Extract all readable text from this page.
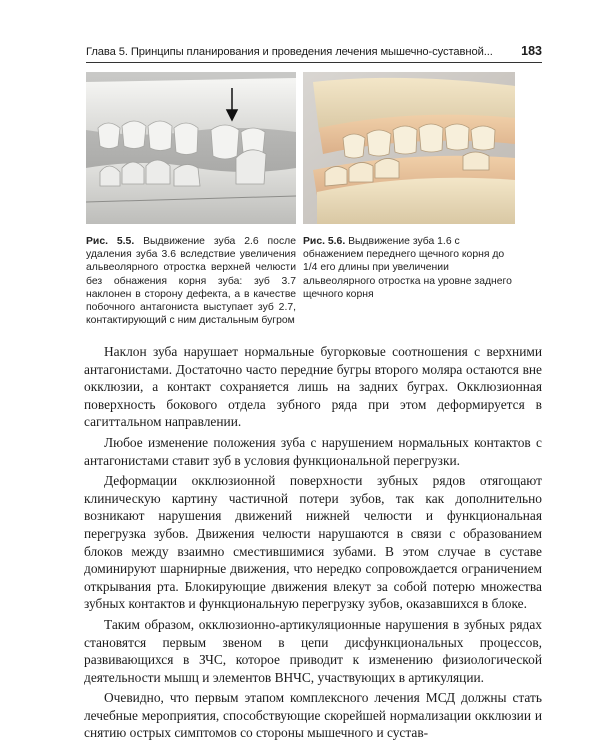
Глава 5. Принципы планирования и проведения лечения мышечно-суставной... 183
Рис. 5.5. Выдвижение зуба 2.6 после удаления зуба 3.6 вследствие увеличения альвеолярного отростка верхней челюсти без обнажения корня зуба: зуб 3.7 наклонен в сторону дефекта, а в качестве побочного антагониста выступает зуб 2.7, контактирующий с ним дистальным бугром
Рис. 5.6. Выдвижение зуба 1.6 с обнажением переднего щечного корня до 1/4 его длины при увеличении альвеолярного отростка на уровне заднего щечного корня

Наклон зуба нарушает нормальные бугорковые соотношения с верхними антагонистами. Достаточно часто передние бугры второго моляра остаются вне окклюзии, а контакт сохраняется лишь на задних буграх. Окклюзионная поверхность бокового отдела зубного ряда при этом деформируется в сагиттальном направлении.

Любое изменение положения зуба с нарушением нормальных контактов с антагонистами ставит зуб в условия функциональной перегрузки.

Деформации окклюзионной поверхности зубных рядов отягощают клиническую картину частичной потери зубов, так как дополнительно возникают нарушения движений нижней челюсти и функциональная перегрузка зубов. Движения челюсти нарушаются в связи с образованием блоков между взаимно сместившимися зубами. В этом случае в суставе доминируют шарнирные движения, что нередко сопровождается ограничением открывания рта. Блокирующие движения влекут за собой потерю множества зубных контактов и функциональную перегрузку зубов, оказавшихся в блоке.

Таким образом, окклюзионно-артикуляционные нарушения в зубных рядах становятся первым звеном в цепи дисфункциональных процессов, развивающихся в ЗЧС, которое приводит к изменению физиологической деятельности мышц и элементов ВНЧС, участвующих в артикуляции.

Очевидно, что первым этапом комплексного лечения МСД должны стать лечебные мероприятия, способствующие скорейшей нормализации окклюзии и снятию острых симптомов со стороны мышечного и сустав-
